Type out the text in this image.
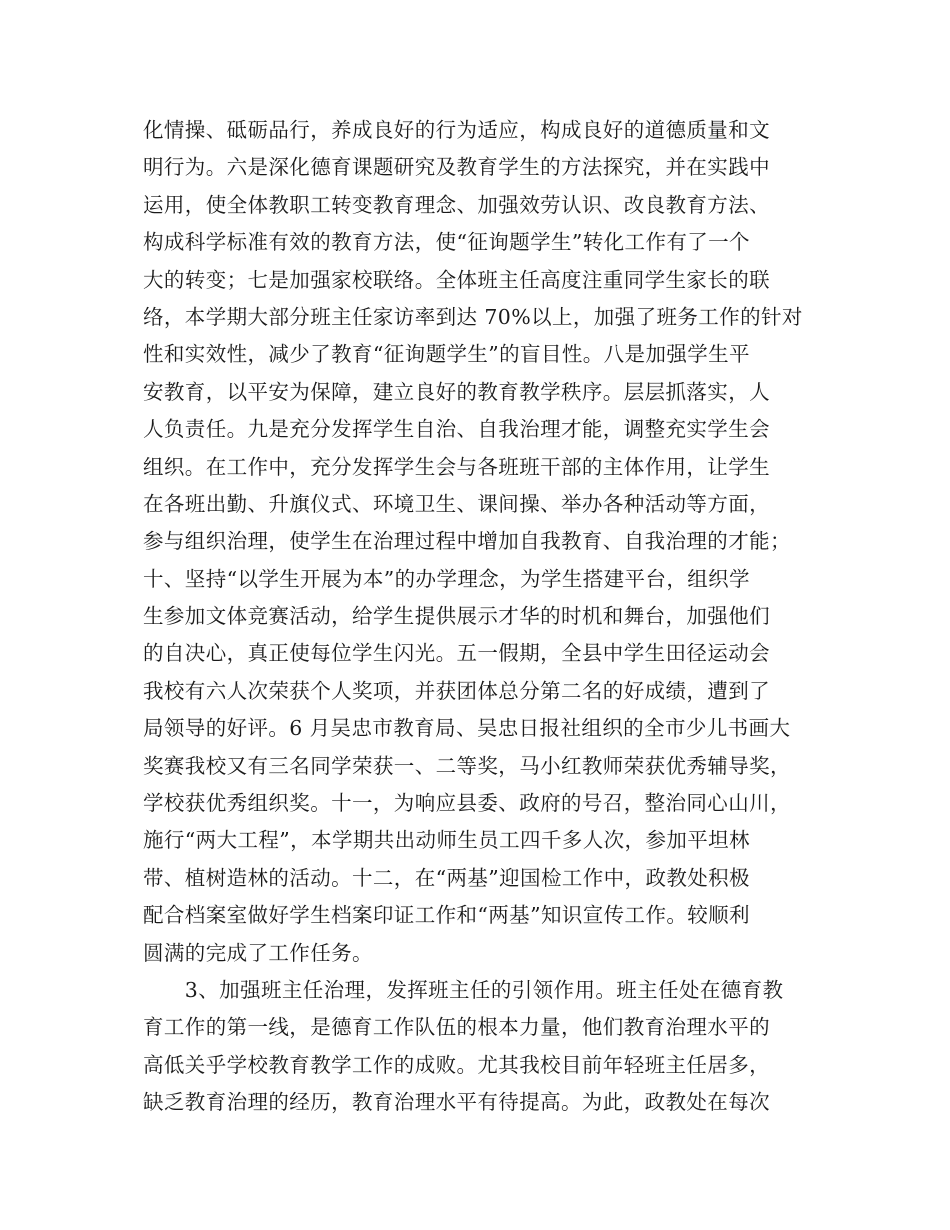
化情操、砥砺品行，养成良好的行为适应，构成良好的道德质量和文
明行为。六是深化德育课题研究及教育学生的方法探究，并在实践中
运用，使全体教职工转变教育理念、加强效劳认识、改良教育方法、
构成科学标准有效的教育方法，使“征询题学生”转化工作有了一个
大的转变；七是加强家校联络。全体班主任高度注重同学生家长的联
络，本学期大部分班主任家访率到达 70%以上，加强了班务工作的针对
性和实效性，减少了教育“征询题学生”的盲目性。八是加强学生平
安教育，以平安为保障，建立良好的教育教学秩序。层层抓落实，人
人负责任。九是充分发挥学生自治、自我治理才能，调整充实学生会
组织。在工作中，充分发挥学生会与各班班干部的主体作用，让学生
在各班出勤、升旗仪式、环境卫生、课间操、举办各种活动等方面，
参与组织治理，使学生在治理过程中增加自我教育、自我治理的才能；
十、坚持“以学生开展为本”的办学理念，为学生搭建平台，组织学
生参加文体竞赛活动，给学生提供展示才华的时机和舞台，加强他们
的自决心，真正使每位学生闪光。五一假期，全县中学生田径运动会
我校有六人次荣获个人奖项，并获团体总分第二名的好成绩，遭到了
局领导的好评。6 月吴忠市教育局、吴忠日报社组织的全市少儿书画大
奖赛我校又有三名同学荣获一、二等奖，马小红教师荣获优秀辅导奖，
学校获优秀组织奖。十一，为响应县委、政府的号召，整治同心山川，
施行“两大工程”，本学期共出动师生员工四千多人次，参加平坦林
带、植树造林的活动。十二，在“两基”迎国检工作中，政教处积极
配合档案室做好学生档案印证工作和“两基”知识宣传工作。较顺利
圆满的完成了工作任务。
　　3、加强班主任治理，发挥班主任的引领作用。班主任处在德育教
育工作的第一线，是德育工作队伍的根本力量，他们教育治理水平的
高低关乎学校教育教学工作的成败。尤其我校目前年轻班主任居多，
缺乏教育治理的经历，教育治理水平有待提高。为此，政教处在每次
